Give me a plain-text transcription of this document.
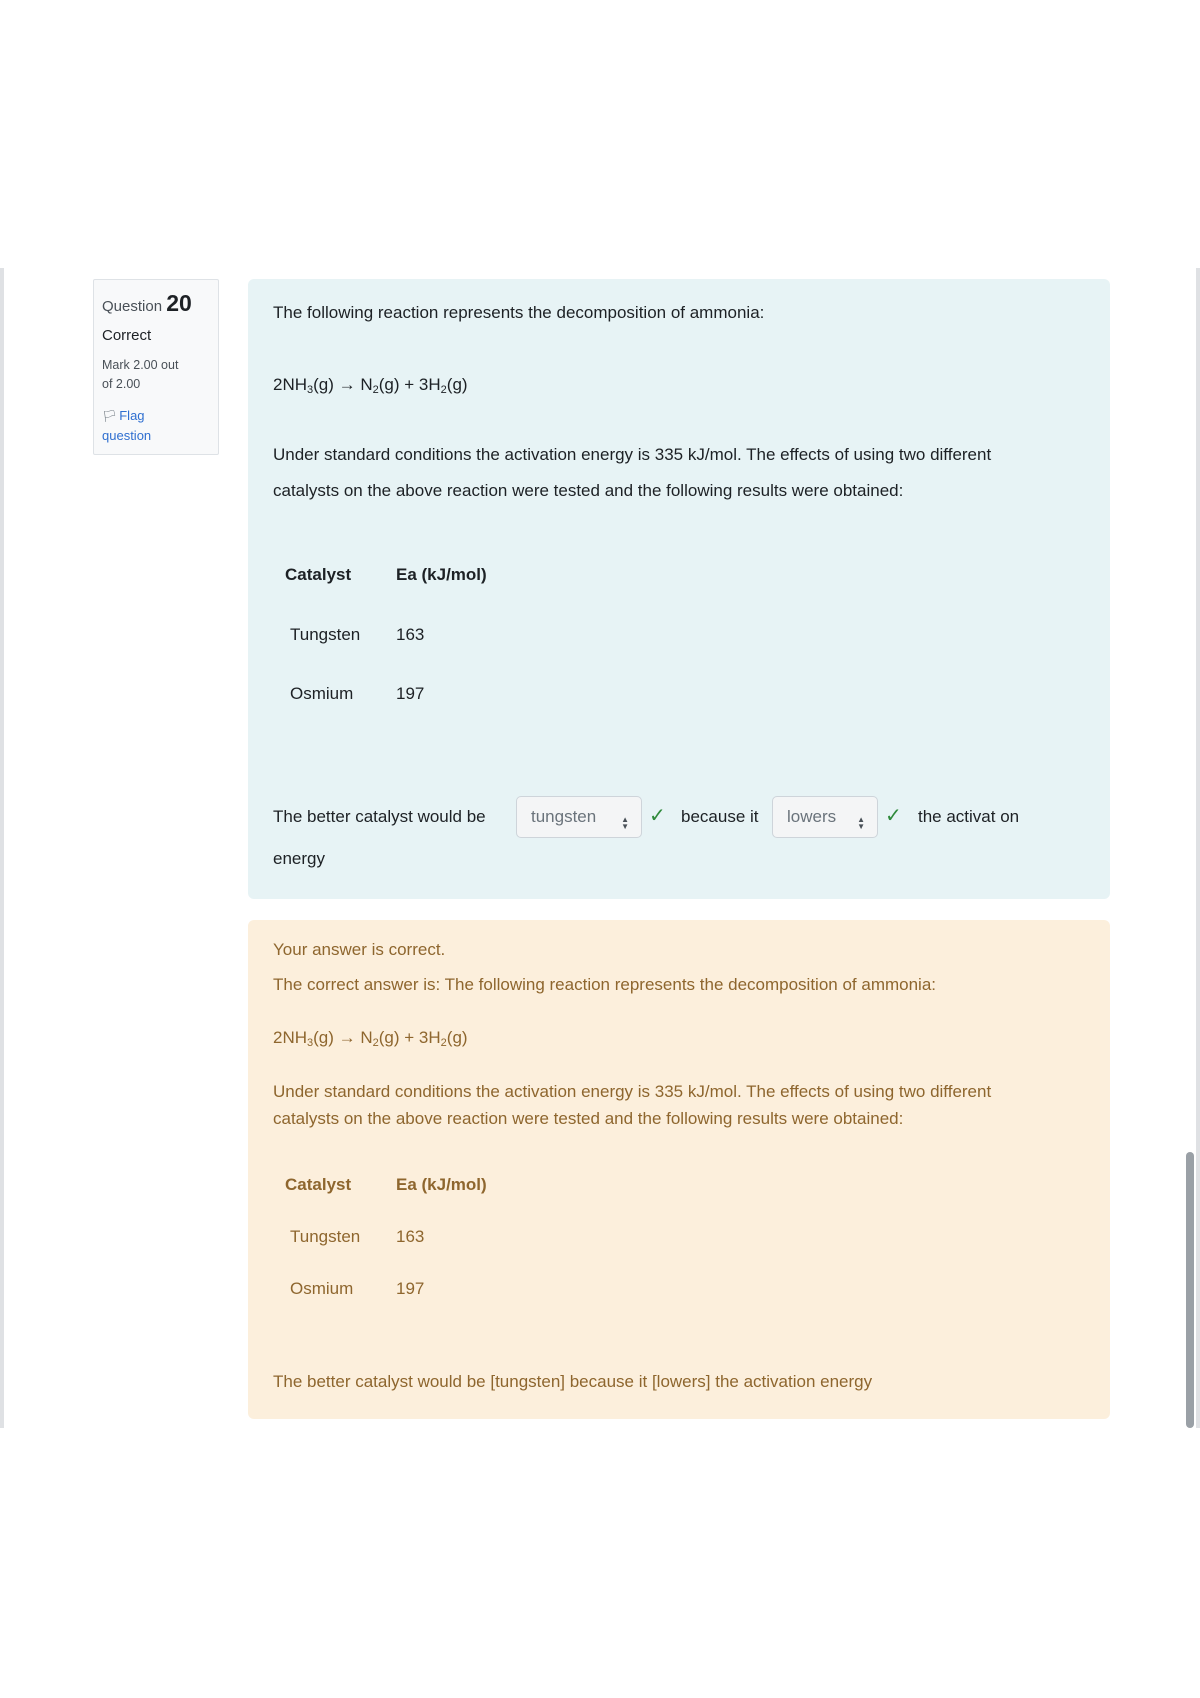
Question 20
Correct
Mark 2.00 out
of 2.00
🏳︎ Flag
question
The following reaction represents the decomposition of ammonia:
$2NH_3(g) \to N_2(g) + 3H_2(g)$
Under standard conditions the activation energy is 335 kJ/mol. The effects of using two different
catalysts on the above reaction were tested and the following results were obtained:
Catalyst	Ea (kJ/mol)
Tungsten 163
Osmium	197
The better catalyst would be	tungsten	▲
▼ ✓ because it	lowers	▲
▼ ✓ the activat on
energy
Your answer is correct.
The correct answer is: The following reaction represents the decomposition of ammonia:
$2NH_3(g) \to N_2(g) + 3H_2(g)$
Under standard conditions the activation energy is 335 kJ/mol. The effects of using two different
catalysts on the above reaction were tested and the following results were obtained:
Catalyst	Ea (kJ/mol)
Tungsten 163
Osmium	197
The better catalyst would be [tungsten] because it [lowers] the activation energy
